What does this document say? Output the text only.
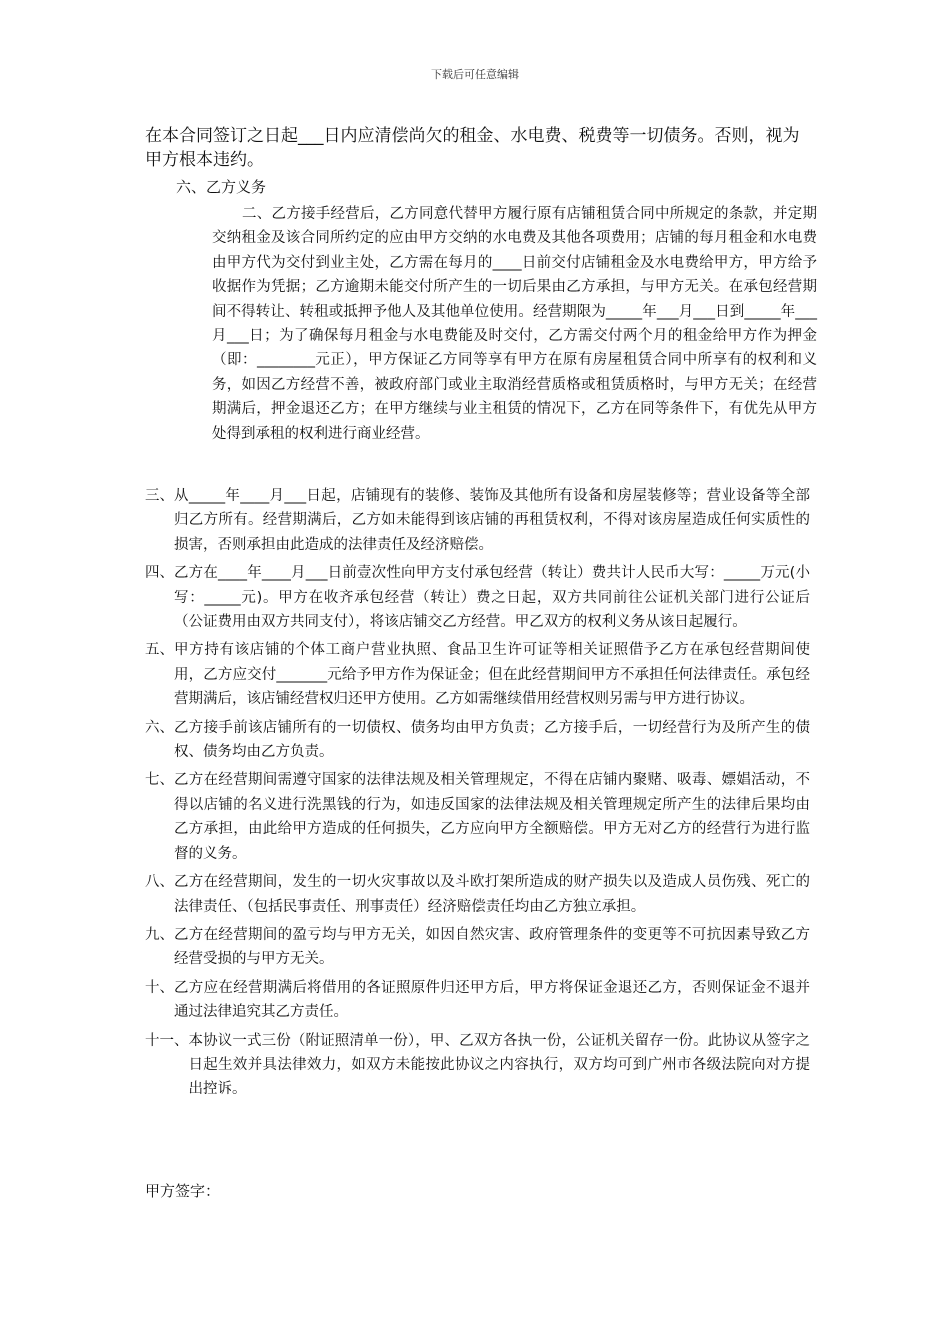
下载后可任意编辑
在本合同签订之日起___日内应清偿尚欠的租金、水电费、税费等一切债务。否则，视为甲方根本违约。
六、乙方义务
二、乙方接手经营后，乙方同意代替甲方履行原有店铺租赁合同中所规定的条款，并定期交纳租金及该合同所约定的应由甲方交纳的水电费及其他各项费用；店铺的每月租金和水电费由甲方代为交付到业主处，乙方需在每月的____日前交付店铺租金及水电费给甲方，甲方给予收据作为凭据；乙方逾期未能交付所产生的一切后果由乙方承担，与甲方无关。在承包经营期间不得转让、转租或抵押予他人及其他单位使用。经营期限为_____年___月___日到_____年___月___日；为了确保每月租金与水电费能及时交付，乙方需交付两个月的租金给甲方作为押金（即：________元正），甲方保证乙方同等享有甲方在原有房屋租赁合同中所享有的权利和义务，如因乙方经营不善，被政府部门或业主取消经营质格或租赁质格时，与甲方无关；在经营期满后，押金退还乙方；在甲方继续与业主租赁的情况下，乙方在同等条件下，有优先从甲方处得到承租的权利进行商业经营。
三、 从_____年____月___日起，店铺现有的装修、装饰及其他所有设备和房屋装修等；营业设备等全部归乙方所有。经营期满后，乙方如未能得到该店铺的再租赁权利，不得对该房屋造成任何实质性的损害，否则承担由此造成的法律责任及经济赔偿。
四、 乙方在____年____月___日前壹次性向甲方支付承包经营（转让）费共计人民币大写：_____万元(小写：_____元)。甲方在收齐承包经营（转让）费之日起，双方共同前往公证机关部门进行公证后（公证费用由双方共同支付），将该店铺交乙方经营。甲乙双方的权利义务从该日起履行。
五、 甲方持有该店铺的个体工商户营业执照、食品卫生许可证等相关证照借予乙方在承包经营期间使用，乙方应交付_______元给予甲方作为保证金；但在此经营期间甲方不承担任何法律责任。承包经营期满后，该店铺经营权归还甲方使用。乙方如需继续借用经营权则另需与甲方进行协议。
六、 乙方接手前该店铺所有的一切债权、债务均由甲方负责；乙方接手后，一切经营行为及所产生的债权、债务均由乙方负责。
七、 乙方在经营期间需遵守国家的法律法规及相关管理规定，不得在店铺内聚赌、吸毒、嫖娼活动，不得以店铺的名义进行洗黑钱的行为，如违反国家的法律法规及相关管理规定所产生的法律后果均由乙方承担，由此给甲方造成的任何损失，乙方应向甲方全额赔偿。甲方无对乙方的经营行为进行监督的义务。
八、 乙方在经营期间，发生的一切火灾事故以及斗欧打架所造成的财产损失以及造成人员伤残、死亡的法律责任、（包括民事责任、刑事责任）经济赔偿责任均由乙方独立承担。
九、 乙方在经营期间的盈亏均与甲方无关，如因自然灾害、政府管理条件的变更等不可抗因素导致乙方经营受损的与甲方无关。
十、 乙方应在经营期满后将借用的各证照原件归还甲方后，甲方将保证金退还乙方，否则保证金不退并通过法律追究其乙方责任。
十一、 本协议一式三份（附证照清单一份），甲、乙双方各执一份，公证机关留存一份。此协议从签字之日起生效并具法律效力，如双方未能按此协议之内容执行，双方均可到广州市各级法院向对方提出控诉。
甲方签字：
